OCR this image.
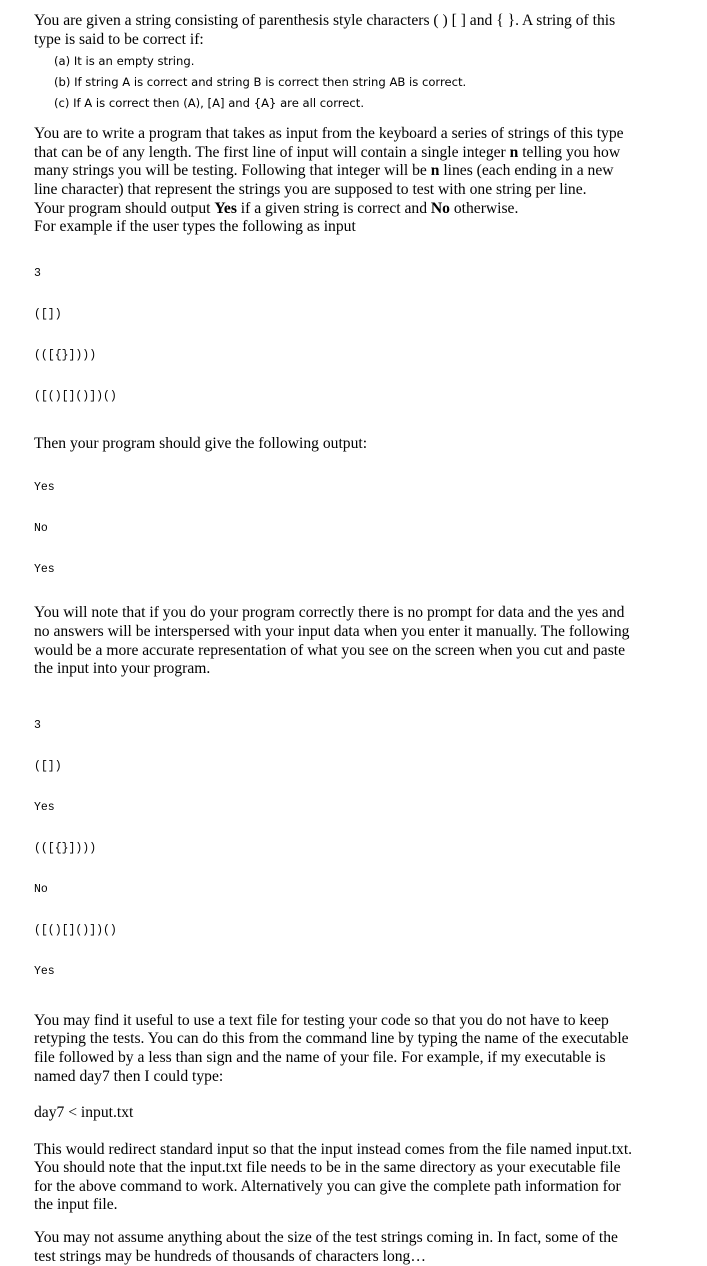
You are given a string consisting of parenthesis style characters ( ) [ ] and { }. A string of this
type is said to be correct if:
(a) It is an empty string.
(b) If string A is correct and string B is correct then string AB is correct.
(c) If A is correct then (A), [A] and {A} are all correct.
You are to write a program that takes as input from the keyboard a series of strings of this type
that can be of any length. The first line of input will contain a single integer n telling you how
many strings you will be testing. Following that integer will be n lines (each ending in a new
line character) that represent the strings you are supposed to test with one string per line.
Your program should output Yes if a given string is correct and No otherwise.
For example if the user types the following as input

3

([])

(([{}])))

([()[]()])()

Then your program should give the following output:

Yes

No

Yes

You will note that if you do your program correctly there is no prompt for data and the yes and
no answers will be interspersed with your input data when you enter it manually. The following
would be a more accurate representation of what you see on the screen when you cut and paste
the input into your program.

3

([])

Yes

(([{}])))

No

([()[]()])()

Yes

You may find it useful to use a text file for testing your code so that you do not have to keep
retyping the tests. You can do this from the command line by typing the name of the executable
file followed by a less than sign and the name of your file. For example, if my executable is
named day7 then I could type:
day7 < input.txt
This would redirect standard input so that the input instead comes from the file named input.txt.
You should note that the input.txt file needs to be in the same directory as your executable file
for the above command to work. Alternatively you can give the complete path information for
the input file.
You may not assume anything about the size of the test strings coming in. In fact, some of the
test strings may be hundreds of thousands of characters long…
